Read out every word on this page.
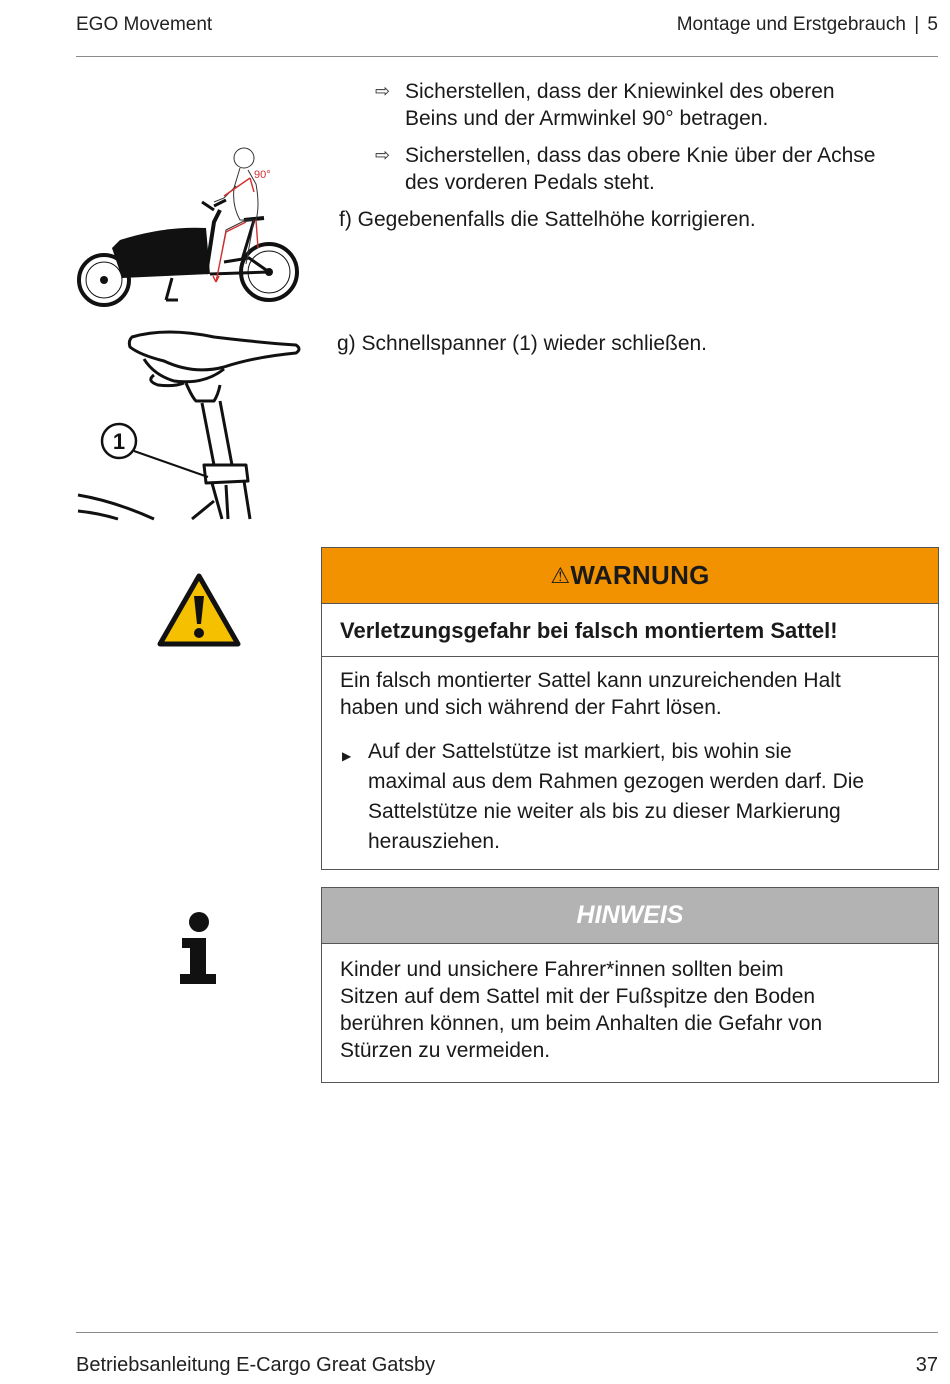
EGO Movement	Montage und Erstgebrauch | 5
90°
⇨ Sicherstellen, dass der Kniewinkel des oberen
Beins und der Armwinkel 90° betragen.
⇨ Sicherstellen, dass das obere Knie über der Achse
des vorderen Pedals steht.
f) Gegebenenfalls die Sattelhöhe korrigieren.
1
g) Schnellspanner (1) wieder schließen.
⚠ WARNUNG
Verletzungsgefahr bei falsch montiertem Sattel!
Ein falsch montierter Sattel kann unzureichenden Halt
haben und sich während der Fahrt lösen.
▶ Auf der Sattelstütze ist markiert, bis wohin sie
maximal aus dem Rahmen gezogen werden darf. Die
Sattelstütze nie weiter als bis zu dieser Markierung
herausziehen.
HINWEIS
Kinder und unsichere Fahrer*innen sollten beim
Sitzen auf dem Sattel mit der Fußspitze den Boden
berühren können, um beim Anhalten die Gefahr von
Stürzen zu vermeiden.
Betriebsanleitung E-Cargo Great Gatsby	37
